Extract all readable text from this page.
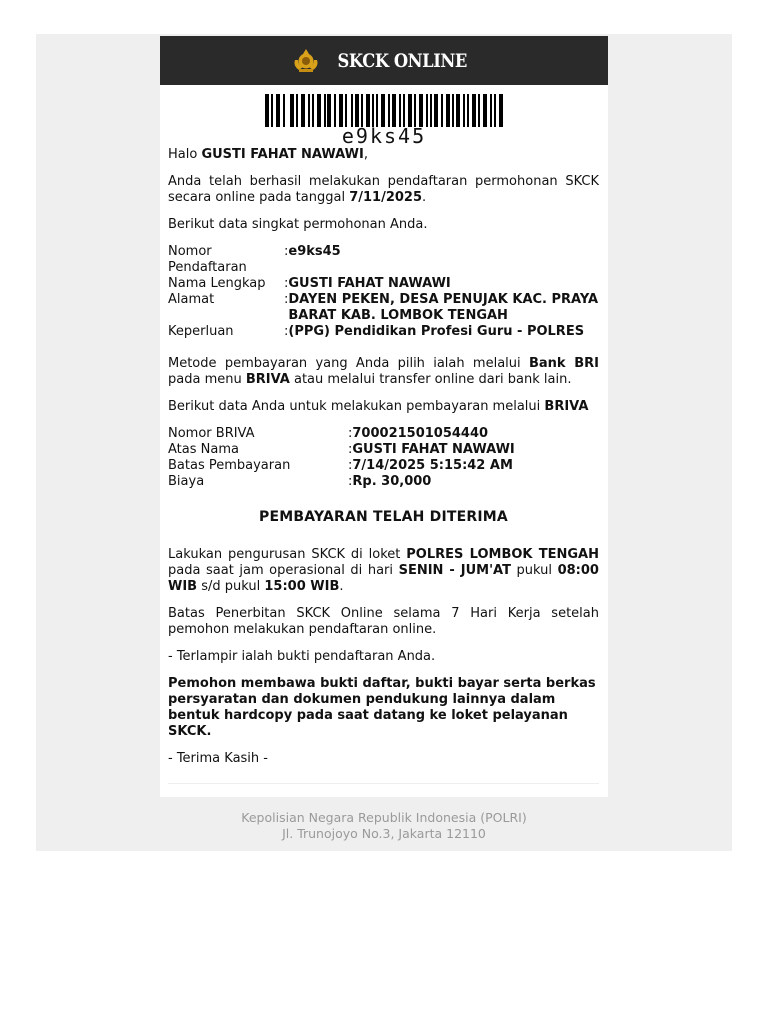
SKCK ONLINE
e9ks45
Halo GUSTI FAHAT NAWAWI,
Anda telah berhasil melakukan pendaftaran permohonan SKCK secara online pada tanggal 7/11/2025.
Berikut data singkat permohonan Anda.
Nomor Pendaftaran
: e9ks45
Nama Lengkap	: GUSTI FAHAT NAWAWI
Alamat	: DAYEN PEKEN, DESA PENUJAK KAC. PRAYA BARAT KAB. LOMBOK TENGAH
Keperluan	: (PPG) Pendidikan Profesi Guru - POLRES
Metode pembayaran yang Anda pilih ialah melalui Bank BRI pada menu BRIVA atau melalui transfer online dari bank lain.
Berikut data Anda untuk melakukan pembayaran melalui BRIVA
Nomor BRIVA	: 700021501054440
Atas Nama	: GUSTI FAHAT NAWAWI
Batas Pembayaran	: 7/14/2025 5:15:42 AM
Biaya	: Rp. 30,000
PEMBAYARAN TELAH DITERIMA
Lakukan pengurusan SKCK di loket POLRES LOMBOK TENGAH pada saat jam operasional di hari SENIN - JUM'AT pukul 08:00 WIB s/d pukul 15:00 WIB.
Batas Penerbitan SKCK Online selama 7 Hari Kerja setelah pemohon melakukan pendaftaran online.
- Terlampir ialah bukti pendaftaran Anda.
Pemohon membawa bukti daftar, bukti bayar serta berkas persyaratan dan dokumen pendukung lainnya dalam bentuk hardcopy pada saat datang ke loket pelayanan SKCK.
- Terima Kasih -
Kepolisian Negara Republik Indonesia (POLRI)
Jl. Trunojoyo No.3, Jakarta 12110
